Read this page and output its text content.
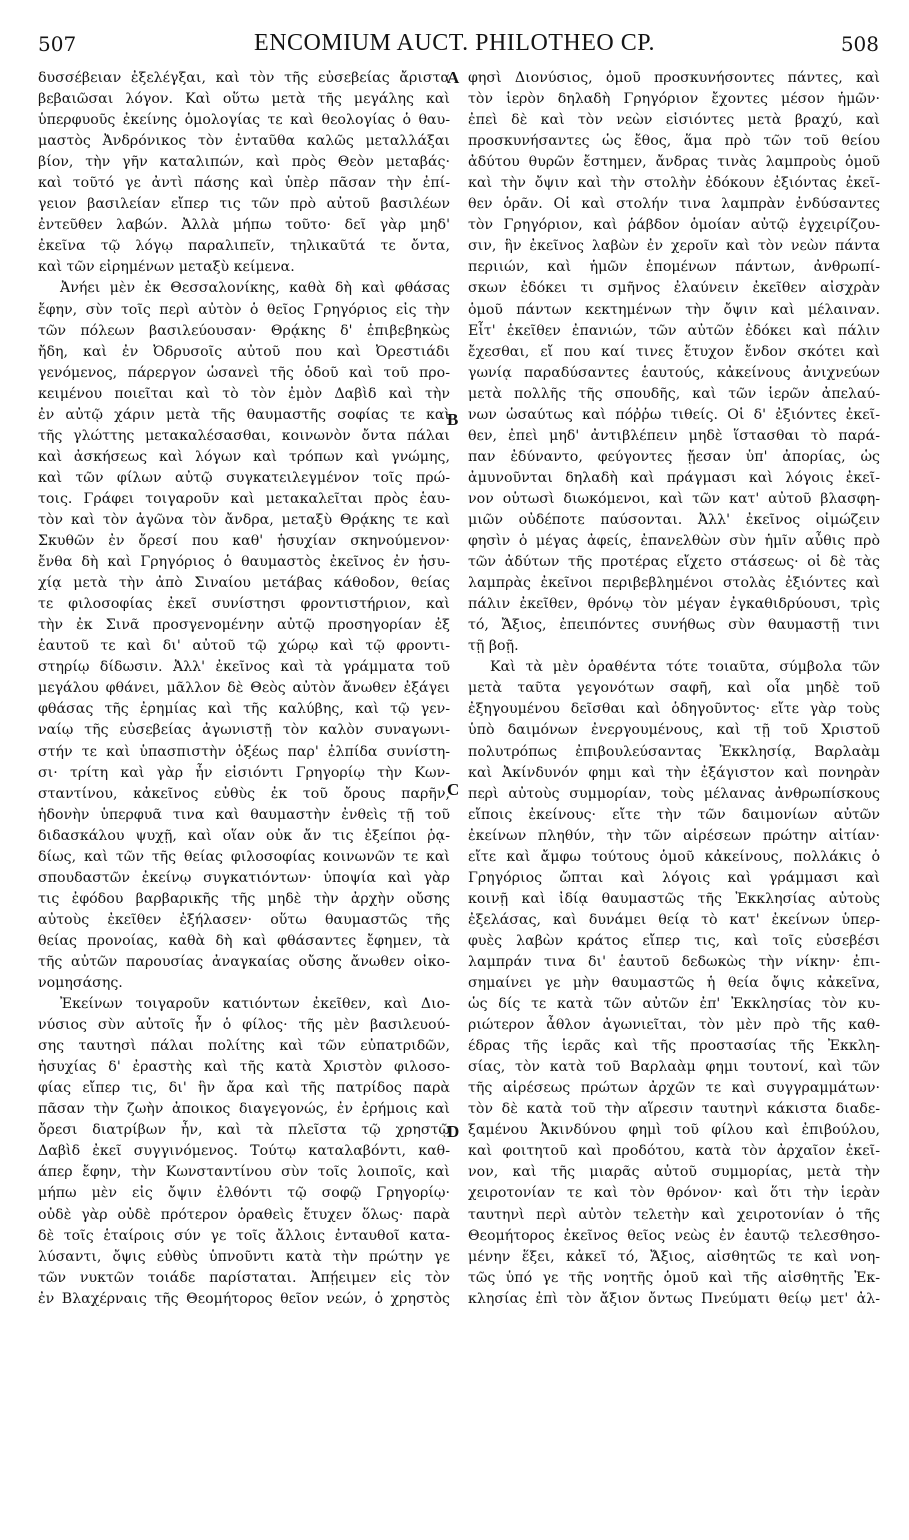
507	ENCOMIUM AUCT. PHILOTHEO CP.	508
δυσσέβειαν ἐξελέγξαι, καὶ τὸν τῆς εὐσεβείας ἄριστα
βεβαιῶσαι λόγον. Καὶ οὕτω μετὰ τῆς μεγάλης καὶ
ὑπερφυοῦς ἐκείνης ὁμολογίας τε καὶ θεολογίας ὁ θαυ-
μαστὸς Ἀνδρόνικος τὸν ἐνταῦθα καλῶς μεταλλάξαι
βίον, τὴν γῆν καταλιπών, καὶ πρὸς Θεὸν μεταβάς·
καὶ τοῦτό γε ἀντὶ πάσης καὶ ὑπὲρ πᾶσαν τὴν ἐπί-
γειον βασιλείαν εἴπερ τις τῶν πρὸ αὐτοῦ βασιλέων
ἐντεῦθεν λαβών. Ἀλλὰ μήπω τοῦτο· δεῖ γὰρ μηδ'
ἐκεῖνα τῷ λόγῳ παραλιπεῖν, τηλικαῦτά τε ὄντα,
καὶ τῶν εἰρημένων μεταξὺ κείμενα.
Ἀνήει μὲν ἐκ Θεσσαλονίκης, καθὰ δὴ καὶ φθάσας
ἔφην, σὺν τοῖς περὶ αὐτὸν ὁ θεῖος Γρηγόριος εἰς τὴν
τῶν πόλεων βασιλεύουσαν· Θρᾴκης δ' ἐπιβεβηκὼς
ἤδη, καὶ ἐν Ὀδρυσοῖς αὐτοῦ που καὶ Ὀρεστιάδι
γενόμενος, πάρεργον ὡσανεὶ τῆς ὁδοῦ καὶ τοῦ προ-
κειμένου ποιεῖται καὶ τὸ τὸν ἐμὸν Δαβὶδ καὶ τὴν
ἐν αὐτῷ χάριν μετὰ τῆς θαυμαστῆς σοφίας τε καὶ
τῆς γλώττης μετακαλέσασθαι, κοινωνὸν ὄντα πάλαι
καὶ ἀσκήσεως καὶ λόγων καὶ τρόπων καὶ γνώμης,
καὶ τῶν φίλων αὐτῷ συγκατειλεγμένον τοῖς πρώ-
τοις. Γράφει τοιγαροῦν καὶ μετακαλεῖται πρὸς ἑαυ-
τὸν καὶ τὸν ἀγῶνα τὸν ἄνδρα, μεταξὺ Θρᾴκης τε καὶ
Σκυθῶν ἐν ὄρεσί που καθ' ἡσυχίαν σκηνούμενον·
ἔνθα δὴ καὶ Γρηγόριος ὁ θαυμαστὸς ἐκεῖνος ἐν ἡσυ-
χίᾳ μετὰ τὴν ἀπὸ Σιναίου μετάβας κάθοδον, θείας
τε φιλοσοφίας ἐκεῖ συνίστησι φροντιστήριον, καὶ
τὴν ἐκ Σινᾶ προσγενομένην αὐτῷ προσηγορίαν ἐξ
ἑαυτοῦ τε καὶ δι' αὐτοῦ τῷ χώρῳ καὶ τῷ φροντι-
στηρίῳ δίδωσιν. Ἀλλ' ἐκεῖνος καὶ τὰ γράμματα τοῦ
μεγάλου φθάνει, μᾶλλον δὲ Θεὸς αὐτὸν ἄνωθεν ἐξάγει
φθάσας τῆς ἐρημίας καὶ τῆς καλύβης, καὶ τῷ γεν-
ναίῳ τῆς εὐσεβείας ἀγωνιστῇ τὸν καλὸν συναγωνι-
στήν τε καὶ ὑπασπιστὴν ὀξέως παρ' ἐλπίδα συνίστη-
σι· τρίτη καὶ γὰρ ἦν εἰσιόντι Γρηγορίῳ τὴν Κων-
σταντίνου, κἀκεῖνος εὐθὺς ἐκ τοῦ ὄρους παρῆν,
ἡδονὴν ὑπερφυᾶ τινα καὶ θαυμαστὴν ἐνθεὶς τῇ τοῦ
διδασκάλου ψυχῇ, καὶ οἵαν οὐκ ἄν τις ἐξείποι ῥᾳ-
δίως, καὶ τῶν τῆς θείας φιλοσοφίας κοινωνῶν τε καὶ
σπουδαστῶν ἐκείνῳ συγκατιόντων· ὑποψία καὶ γὰρ
τις ἐφόδου βαρβαρικῆς τῆς μηδὲ τὴν ἀρχὴν οὔσης
αὐτοὺς ἐκεῖθεν ἐξήλασεν· οὕτω θαυμαστῶς τῆς
θείας προνοίας, καθὰ δὴ καὶ φθάσαντες ἔφημεν, τὰ
τῆς αὐτῶν παρουσίας ἀναγκαίας οὔσης ἄνωθεν οἰκο-
νομησάσης.
Ἐκείνων τοιγαροῦν κατιόντων ἐκεῖθεν, καὶ Διο-
νύσιος σὺν αὐτοῖς ἦν ὁ φίλος· τῆς μὲν βασιλευού-
σης ταυτησὶ πάλαι πολίτης καὶ τῶν εὐπατριδῶν,
ἠσυχίας δ' ἐραστὴς καὶ τῆς κατὰ Χριστὸν φιλοσο-
φίας εἴπερ τις, δι' ἣν ἄρα καὶ τῆς πατρίδος παρὰ
πᾶσαν τὴν ζωὴν ἀποικος διαγεγονώς, ἐν ἐρήμοις καὶ
ὄρεσι διατρίβων ἦν, καὶ τὰ πλεῖστα τῷ χρηστῷ
Δαβὶδ ἐκεῖ συγγινόμενος. Τούτῳ καταλαβόντι, καθ-
άπερ ἔφην, τὴν Κωνσταντίνου σὺν τοῖς λοιποῖς, καὶ
μήπω μὲν εἰς ὄψιν ἐλθόντι τῷ σοφῷ Γρηγορίῳ·
οὐδὲ γὰρ οὐδὲ πρότερον ὁραθεὶς ἔτυχεν ὅλως· παρὰ
δὲ τοῖς ἑταίροις σύν γε τοῖς ἄλλοις ἐνταυθοῖ κατα-
λύσαντι, ὄψις εὐθὺς ὑπνοῦντι κατὰ τὴν πρώτην γε
τῶν νυκτῶν τοιάδε παρίσταται. Ἀπῄειμεν εἰς τὸν
ἐν Βλαχέρναις τῆς Θεομήτορος θεῖον νεών, ὁ χρηστὸς
φησὶ Διονύσιος, ὁμοῦ προσκυνήσοντες πάντες, καὶ
τὸν ἱερὸν δηλαδὴ Γρηγόριον ἔχοντες μέσον ἡμῶν·
ἐπεὶ δὲ καὶ τὸν νεὼν εἰσιόντες μετὰ βραχύ, καὶ
προσκυνήσαντες ὡς ἔθος, ἅμα πρὸ τῶν τοῦ θείου
ἀδύτου θυρῶν ἔστημεν, ἄνδρας τινὰς λαμπροὺς ὁμοῦ
καὶ τὴν ὄψιν καὶ τὴν στολὴν ἐδόκουν ἐξιόντας ἐκεῖ-
θεν ὁρᾶν. Οἱ καὶ στολήν τινα λαμπρὰν ἐνδύσαντες
τὸν Γρηγόριον, καὶ ῥάβδον ὁμοίαν αὐτῷ ἐγχειρίζου-
σιν, ἣν ἐκεῖνος λαβὼν ἐν χεροῖν καὶ τὸν νεὼν πάντα
περιιών, καὶ ἡμῶν ἑπομένων πάντων, ἀνθρωπί-
σκων ἐδόκει τι σμῆνος ἐλαύνειν ἐκεῖθεν αἰσχρὰν
ὁμοῦ πάντων κεκτημένων τὴν ὄψιν καὶ μέλαιναν.
Εἶτ' ἐκεῖθεν ἐπανιών, τῶν αὐτῶν ἐδόκει καὶ πάλιν
ἔχεσθαι, εἴ που καί τινες ἔτυχον ἔνδον σκότει καὶ
γωνίᾳ παραδύσαντες ἑαυτούς, κἀκείνους ἀνιχνεύων
μετὰ πολλῆς τῆς σπουδῆς, καὶ τῶν ἱερῶν ἀπελαύ-
νων ὡσαύτως καὶ πόῤῥω τιθείς. Οἱ δ' ἐξιόντες ἐκεῖ-
θεν, ἐπεὶ μηδ' ἀντιβλέπειν μηδὲ ἵστασθαι τὸ παρά-
παν ἐδύναντο, φεύγοντες ᾔεσαν ὑπ' ἀπορίας, ὡς
ἀμυνοῦνται δηλαδὴ καὶ πράγμασι καὶ λόγοις ἐκεῖ-
νον οὑτωσὶ διωκόμενοι, καὶ τῶν κατ' αὐτοῦ βλασφη-
μιῶν οὐδέποτε παύσονται. Ἀλλ' ἐκεῖνος οἰμώζειν
φησὶν ὁ μέγας ἀφείς, ἐπανελθὼν σὺν ἡμῖν αὖθις πρὸ
τῶν ἀδύτων τῆς προτέρας εἴχετο στάσεως· οἱ δὲ τὰς
λαμπρὰς ἐκεῖνοι περιβεβλημένοι στολὰς ἐξιόντες καὶ
πάλιν ἐκεῖθεν, θρόνῳ τὸν μέγαν ἐγκαθιδρύουσι, τρὶς
τό, Ἄξιος, ἐπειπόντες συνήθως σὺν θαυμαστῇ τινι
τῇ βοῇ.
Καὶ τὰ μὲν ὁραθέντα τότε τοιαῦτα, σύμβολα τῶν
μετὰ ταῦτα γεγονότων σαφῆ, καὶ οἷα μηδὲ τοῦ
ἐξηγουμένου δεῖσθαι καὶ ὁδηγοῦντος· εἴτε γὰρ τοὺς
ὑπὸ δαιμόνων ἐνεργουμένους, καὶ τῇ τοῦ Χριστοῦ
πολυτρόπως ἐπιβουλεύσαντας Ἐκκλησίᾳ, Βαρλαὰμ
καὶ Ἀκίνδυνόν φημι καὶ τὴν ἐξάγιστον καὶ πονηρὰν
περὶ αὐτοὺς συμμορίαν, τοὺς μέλανας ἀνθρωπίσκους
εἴποις ἐκείνους· εἴτε τὴν τῶν δαιμονίων αὐτῶν
ἐκείνων πληθύν, τὴν τῶν αἱρέσεων πρώτην αἰτίαν·
εἴτε καὶ ἄμφω τούτους ὁμοῦ κἀκείνους, πολλάκις ὁ
Γρηγόριος ὤπται καὶ λόγοις καὶ γράμμασι καὶ
κοινῇ καὶ ἰδίᾳ θαυμαστῶς τῆς Ἐκκλησίας αὐτοὺς
ἐξελάσας, καὶ δυνάμει θείᾳ τὸ κατ' ἐκείνων ὑπερ-
φυὲς λαβὼν κράτος εἴπερ τις, καὶ τοῖς εὐσεβέσι
λαμπράν τινα δι' ἑαυτοῦ δεδωκὼς τὴν νίκην· ἐπι-
σημαίνει γε μὴν θαυμαστῶς ἡ θεία ὄψις κἀκεῖνα,
ὡς δίς τε κατὰ τῶν αὐτῶν ἐπ' Ἐκκλησίας τὸν κυ-
ριώτερον ἆθλον ἀγωνιεῖται, τὸν μὲν πρὸ τῆς καθ-
έδρας τῆς ἱερᾶς καὶ τῆς προστασίας τῆς Ἐκκλη-
σίας, τὸν κατὰ τοῦ Βαρλαὰμ φημι τουτονί, καὶ τῶν
τῆς αἱρέσεως πρώτων ἀρχῶν τε καὶ συγγραμμάτων·
τὸν δὲ κατὰ τοῦ τὴν αἵρεσιν ταυτηνὶ κάκιστα διαδε-
ξαμένου Ἀκινδύνου φημὶ τοῦ φίλου καὶ ἐπιβούλου,
καὶ φοιτητοῦ καὶ προδότου, κατὰ τὸν ἀρχαῖον ἐκεῖ-
νον, καὶ τῆς μιαρᾶς αὐτοῦ συμμορίας, μετὰ τὴν
χειροτονίαν τε καὶ τὸν θρόνον· καὶ ὅτι τὴν ἱερὰν
ταυτηνὶ περὶ αὐτὸν τελετὴν καὶ χειροτονίαν ὁ τῆς
Θεομήτορος ἐκεῖνος θεῖος νεὼς ἐν ἑαυτῷ τελεσθησο-
μένην ἕξει, κἀκεῖ τό, Ἄξιος, αἰσθητῶς τε καὶ νοη-
τῶς ὑπό γε τῆς νοητῆς ὁμοῦ καὶ τῆς αἰσθητῆς Ἐκ-
κλησίας ἐπὶ τὸν ἄξιον ὄντως Πνεύματι θείῳ μετ' ἀλ-
A
B
C
D
